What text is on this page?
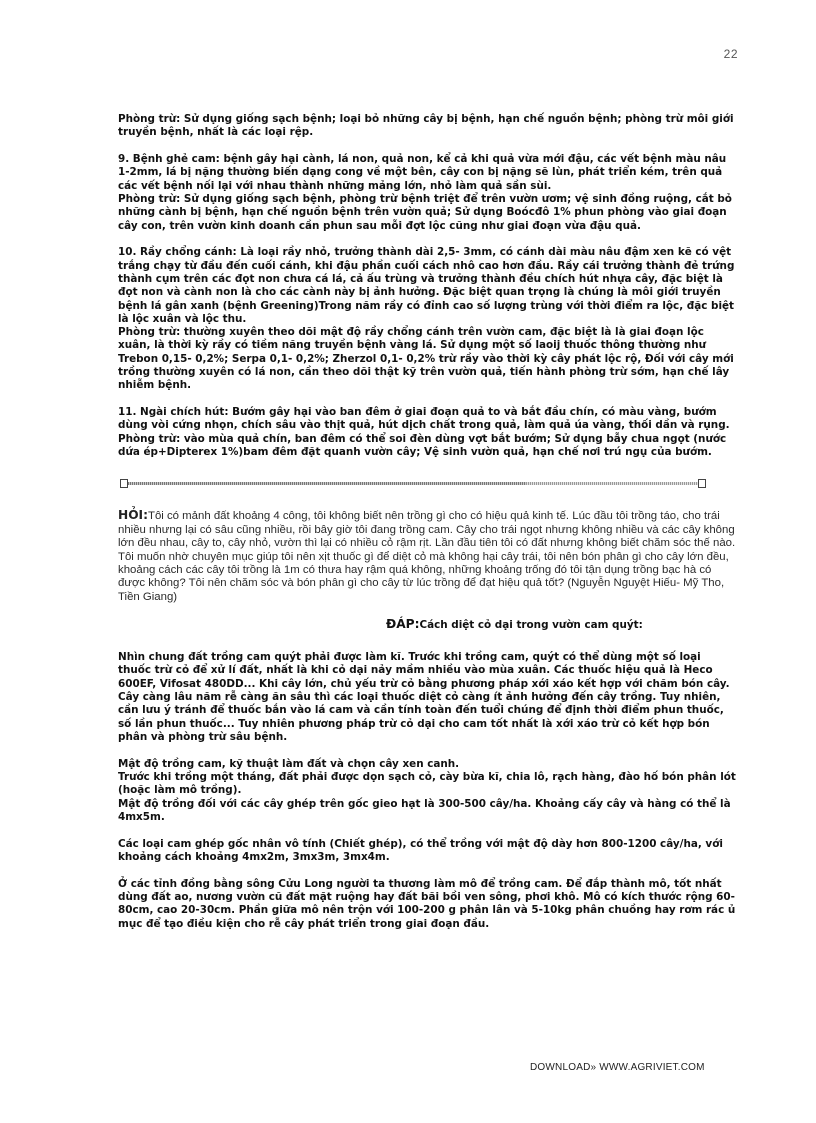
22

Phòng trừ: Sử dụng giống sạch bệnh; loại bỏ những cây bị bệnh, hạn chế nguồn bệnh; phòng trừ môi giới truyền bệnh, nhất là các loại rệp.

9. Bệnh ghẻ cam: bệnh gây hại cành, lá non, quả non, kể cả khi quả vừa mới đậu, các vết bệnh màu nâu 1-2mm, lá bị nặng thường biến dạng cong về một bên, cây con bị nặng sẽ lùn, phát triển kém, trên quả các vết bệnh nối lại với nhau thành những mảng lớn, nhỏ làm quả sần sùi.
Phòng trừ: Sử dụng giống sạch bệnh, phòng trừ bệnh triệt để trên vườn ươm; vệ sinh đồng ruộng, cắt bỏ những cành bị bệnh, hạn chế nguồn bệnh trên vườn quả; Sử dụng Boócđô 1% phun phòng vào giai đoạn cây con, trên vườn kinh doanh cần phun sau mỗi đợt lộc cũng như giai đoạn vừa đậu quả.

10. Rầy chổng cánh: Là loại rầy nhỏ, trưởng thành dài 2,5- 3mm, có cánh dài màu nâu đậm xen kẽ có vệt trắng chạy từ đầu đến cuối cánh, khi đậu phần cuối cách nhô cao hơn đầu. Rầy cái trưởng thành đẻ trứng thành cụm trên các đọt non chưa cá lá, cả ấu trùng và trưởng thành đều chích hút nhựa cây, đặc biệt là đọt non và cành non là cho các cành này bị ảnh hưởng. Đặc biệt quan trọng là chúng là môi giới truyền bệnh lá gân xanh (bệnh Greening)Trong năm rầy có đỉnh cao số lượng trùng với thời điểm ra lộc, đặc biệt là lộc xuân và lộc thu.
Phòng trừ: thường xuyên theo dõi mật độ rầy chổng cánh trên vườn cam, đặc biệt là là giai đoạn lộc xuân, là thời kỳ rầy có tiềm năng truyền bệnh vàng lá. Sử dụng một số laoij thuốc thông thường như Trebon 0,15- 0,2%; Serpa 0,1- 0,2%; Zherzol 0,1- 0,2% trừ rầy vào thời kỳ cây phát lộc rộ, Đối với cây mới trồng thường xuyên có lá non, cần theo dõi thật kỹ trên vườn quả, tiến hành phòng trừ sớm, hạn chế lây nhiễm bệnh.

11. Ngài chích hút: Bướm gây hại vào ban đêm ở giai đoạn quả to và bắt đầu chín, có màu vàng, bướm dùng vòi cứng nhọn, chích sâu vào thịt quả, hút dịch chất trong quả, làm quả úa vàng, thối dần và rụng.
Phòng trừ: vào mùa quả chín, ban đêm có thể soi đèn dùng vợt bắt bướm; Sử dụng bẫy chua ngọt (nước dứa ép+Dipterex 1%)bam đêm đặt quanh vườn cây; Vệ sinh vườn quả, hạn chế nơi trú ngụ của bướm.

HỎI:Tôi có mảnh đất khoảng 4 công, tôi không biết nên trồng gì cho có hiệu quả kinh tế. Lúc đầu tôi trồng táo, cho trái nhiều nhưng lại có sâu cũng nhiều, rồi bây giờ tôi đang trồng cam. Cây cho trái ngọt nhưng không nhiều và các cây không lớn đều nhau, cây to, cây nhỏ, vườn thì lại có nhiều cỏ rậm rịt. Lần đầu tiên tôi có đất nhưng không biết chăm sóc thế nào. Tôi muốn nhờ chuyên mục giúp tôi nên xịt thuốc gì để diệt cỏ mà không hại cây trái, tôi nên bón phân gì cho cây lớn đều, khoảng cách các cây tôi trồng là 1m có thưa hay rậm quá không, những khoảng trống đó tôi tận dụng trồng bạc hà có được không? Tôi nên chăm sóc và bón phân gì cho cây từ lúc trồng để đạt hiệu quả tốt? (Nguyễn Nguyệt Hiếu- Mỹ Tho, Tiền Giang)

ĐÁP:Cách diệt cỏ dại trong vườn cam quýt:

Nhìn chung đất trồng cam quýt phải được làm kĩ. Trước khi trồng cam, quýt có thể dùng một số loại thuốc trừ cỏ để xử lí đất, nhất là khi cỏ dại nảy mầm nhiều vào mùa xuân. Các thuốc hiệu quả là Heco 600EF, Vifosat 480DD... Khi cây lớn, chủ yếu trừ cỏ bằng phương pháp xới xáo kết hợp với chăm bón cây. Cây càng lâu năm rễ càng ăn sâu thì các loại thuốc diệt cỏ càng ít ảnh hưởng đến cây trồng. Tuy nhiên, cần lưu ý tránh để thuốc bắn vào lá cam và cần tính toàn đến tuổi chúng để định thời điểm phun thuốc, số lần phun thuốc... Tuy nhiên phương pháp trừ cỏ dại cho cam tốt nhất là xới xáo trừ cỏ kết hợp bón phân và phòng trừ sâu bệnh.

Mật độ trồng cam, kỹ thuật làm đất và chọn cây xen canh.
Trước khi trồng một tháng, đất phải được dọn sạch cỏ, cày bừa kĩ, chia lô, rạch hàng, đào hố bón phân lót (hoặc làm mô trồng).
Mật độ trồng đối với các cây ghép trên gốc gieo hạt là 300-500 cây/ha. Khoảng cấy cây và hàng có thể là 4mx5m.

Các loại cam ghép gốc nhân vô tính (Chiết ghép), có thể trồng với mật độ dày hơn 800-1200 cây/ha, với khoảng cách khoảng 4mx2m, 3mx3m, 3mx4m.

Ở các tỉnh đồng bằng sông Cửu Long người ta thương làm mô để trồng cam. Để đắp thành mô, tốt nhất dùng đất ao, nương vườn cũ đất mặt ruộng hay đất bãi bồi ven sông, phơi khô. Mô có kích thước rộng 60-80cm, cao 20-30cm. Phần giữa mô nên trộn với 100-200 g phân lân và 5-10kg phân chuồng hay rơm rác ủ mục để tạo điều kiện cho rễ cây phát triển trong giai đoạn đầu.

DOWNLOAD» WWW.AGRIVIET.COM
